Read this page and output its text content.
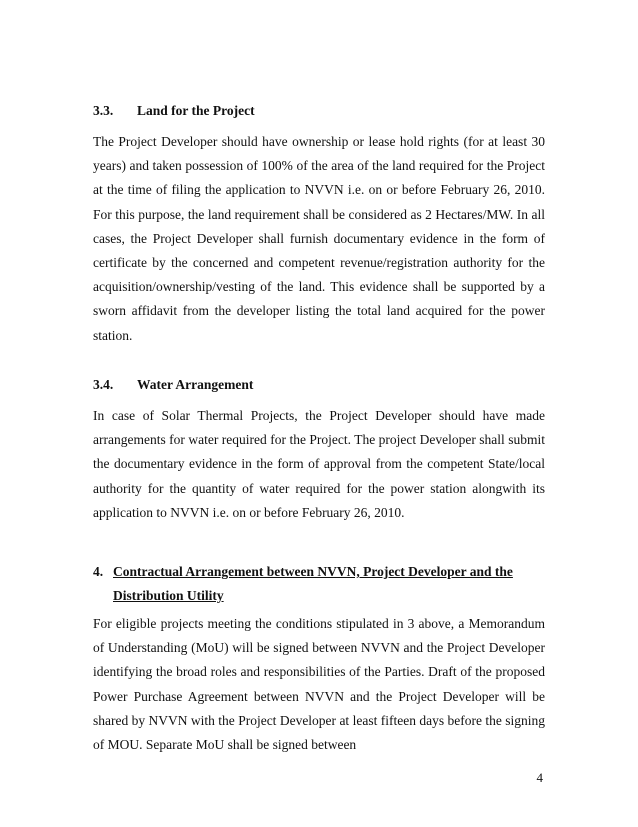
3.3. Land for the Project

The Project Developer should have ownership or lease hold rights (for at least 30 years) and taken possession of 100% of the area of the land required for the Project at the time of filing the application to NVVN i.e. on or before February 26, 2010. For this purpose, the land requirement shall be considered as 2 Hectares/MW. In all cases, the Project Developer shall furnish documentary evidence in the form of certificate by the concerned and competent revenue/registration authority for the acquisition/ownership/vesting of the land. This evidence shall be supported by a sworn affidavit from the developer listing the total land acquired for the power station.

3.4. Water Arrangement

In case of Solar Thermal Projects, the Project Developer should have made arrangements for water required for the Project. The project Developer shall submit the documentary evidence in the form of approval from the competent State/local authority for the quantity of water required for the power station alongwith its application to NVVN i.e. on or before February 26, 2010.

4. Contractual Arrangement between NVVN, Project Developer and the
Distribution Utility

For eligible projects meeting the conditions stipulated in 3 above, a Memorandum of Understanding (MoU) will be signed between NVVN and the Project Developer identifying the broad roles and responsibilities of the Parties. Draft of the proposed Power Purchase Agreement between NVVN and the Project Developer will be shared by NVVN with the Project Developer at least fifteen days before the signing of MOU. Separate MoU shall be signed between

4
